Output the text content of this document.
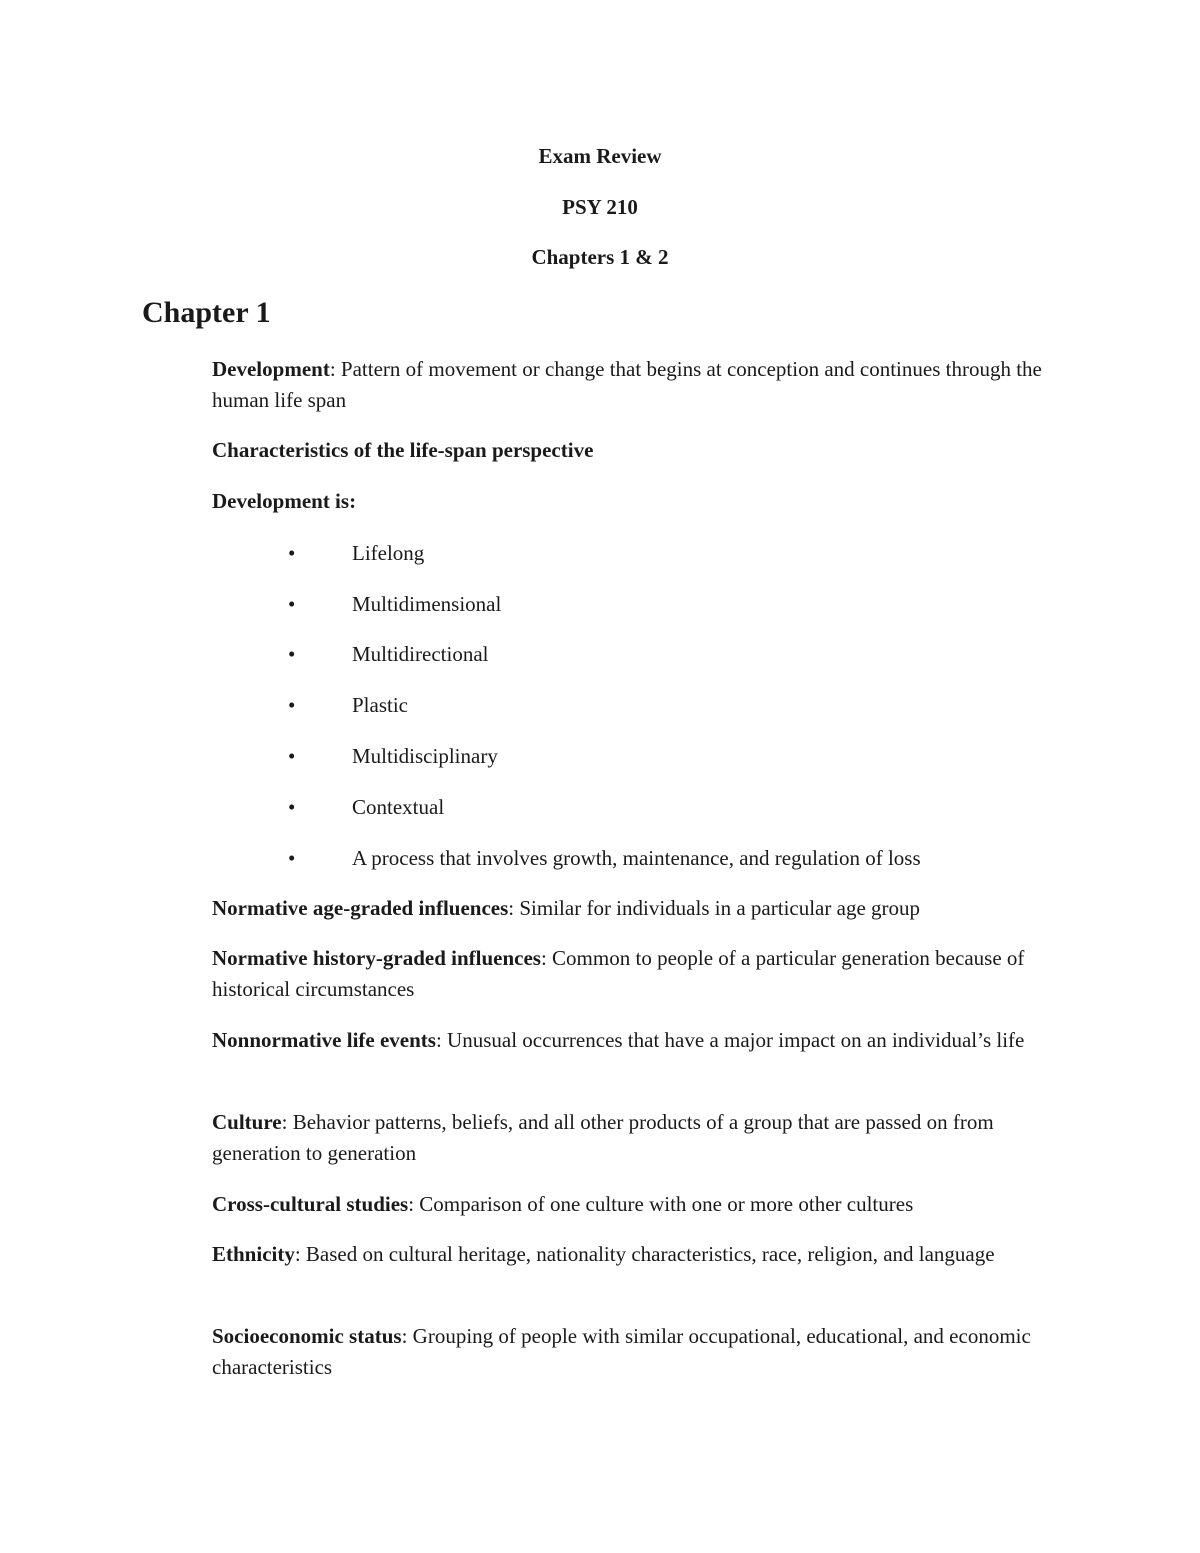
Exam Review
PSY 210
Chapters 1 & 2
Chapter 1
Development: Pattern of movement or change that begins at conception and continues through the human life span
Characteristics of the life-span perspective
Development is:
•	Lifelong
•	Multidimensional
•	Multidirectional
•	Plastic
•	Multidisciplinary
•	Contextual
•	A process that involves growth, maintenance, and regulation of loss
Normative age-graded influences: Similar for individuals in a particular age group
Normative history-graded influences: Common to people of a particular generation because of historical circumstances
Nonnormative life events: Unusual occurrences that have a major impact on an individual’s life
Culture: Behavior patterns, beliefs, and all other products of a group that are passed on from generation to generation
Cross-cultural studies: Comparison of one culture with one or more other cultures
Ethnicity: Based on cultural heritage, nationality characteristics, race, religion, and language
Socioeconomic status: Grouping of people with similar occupational, educational, and economic characteristics
